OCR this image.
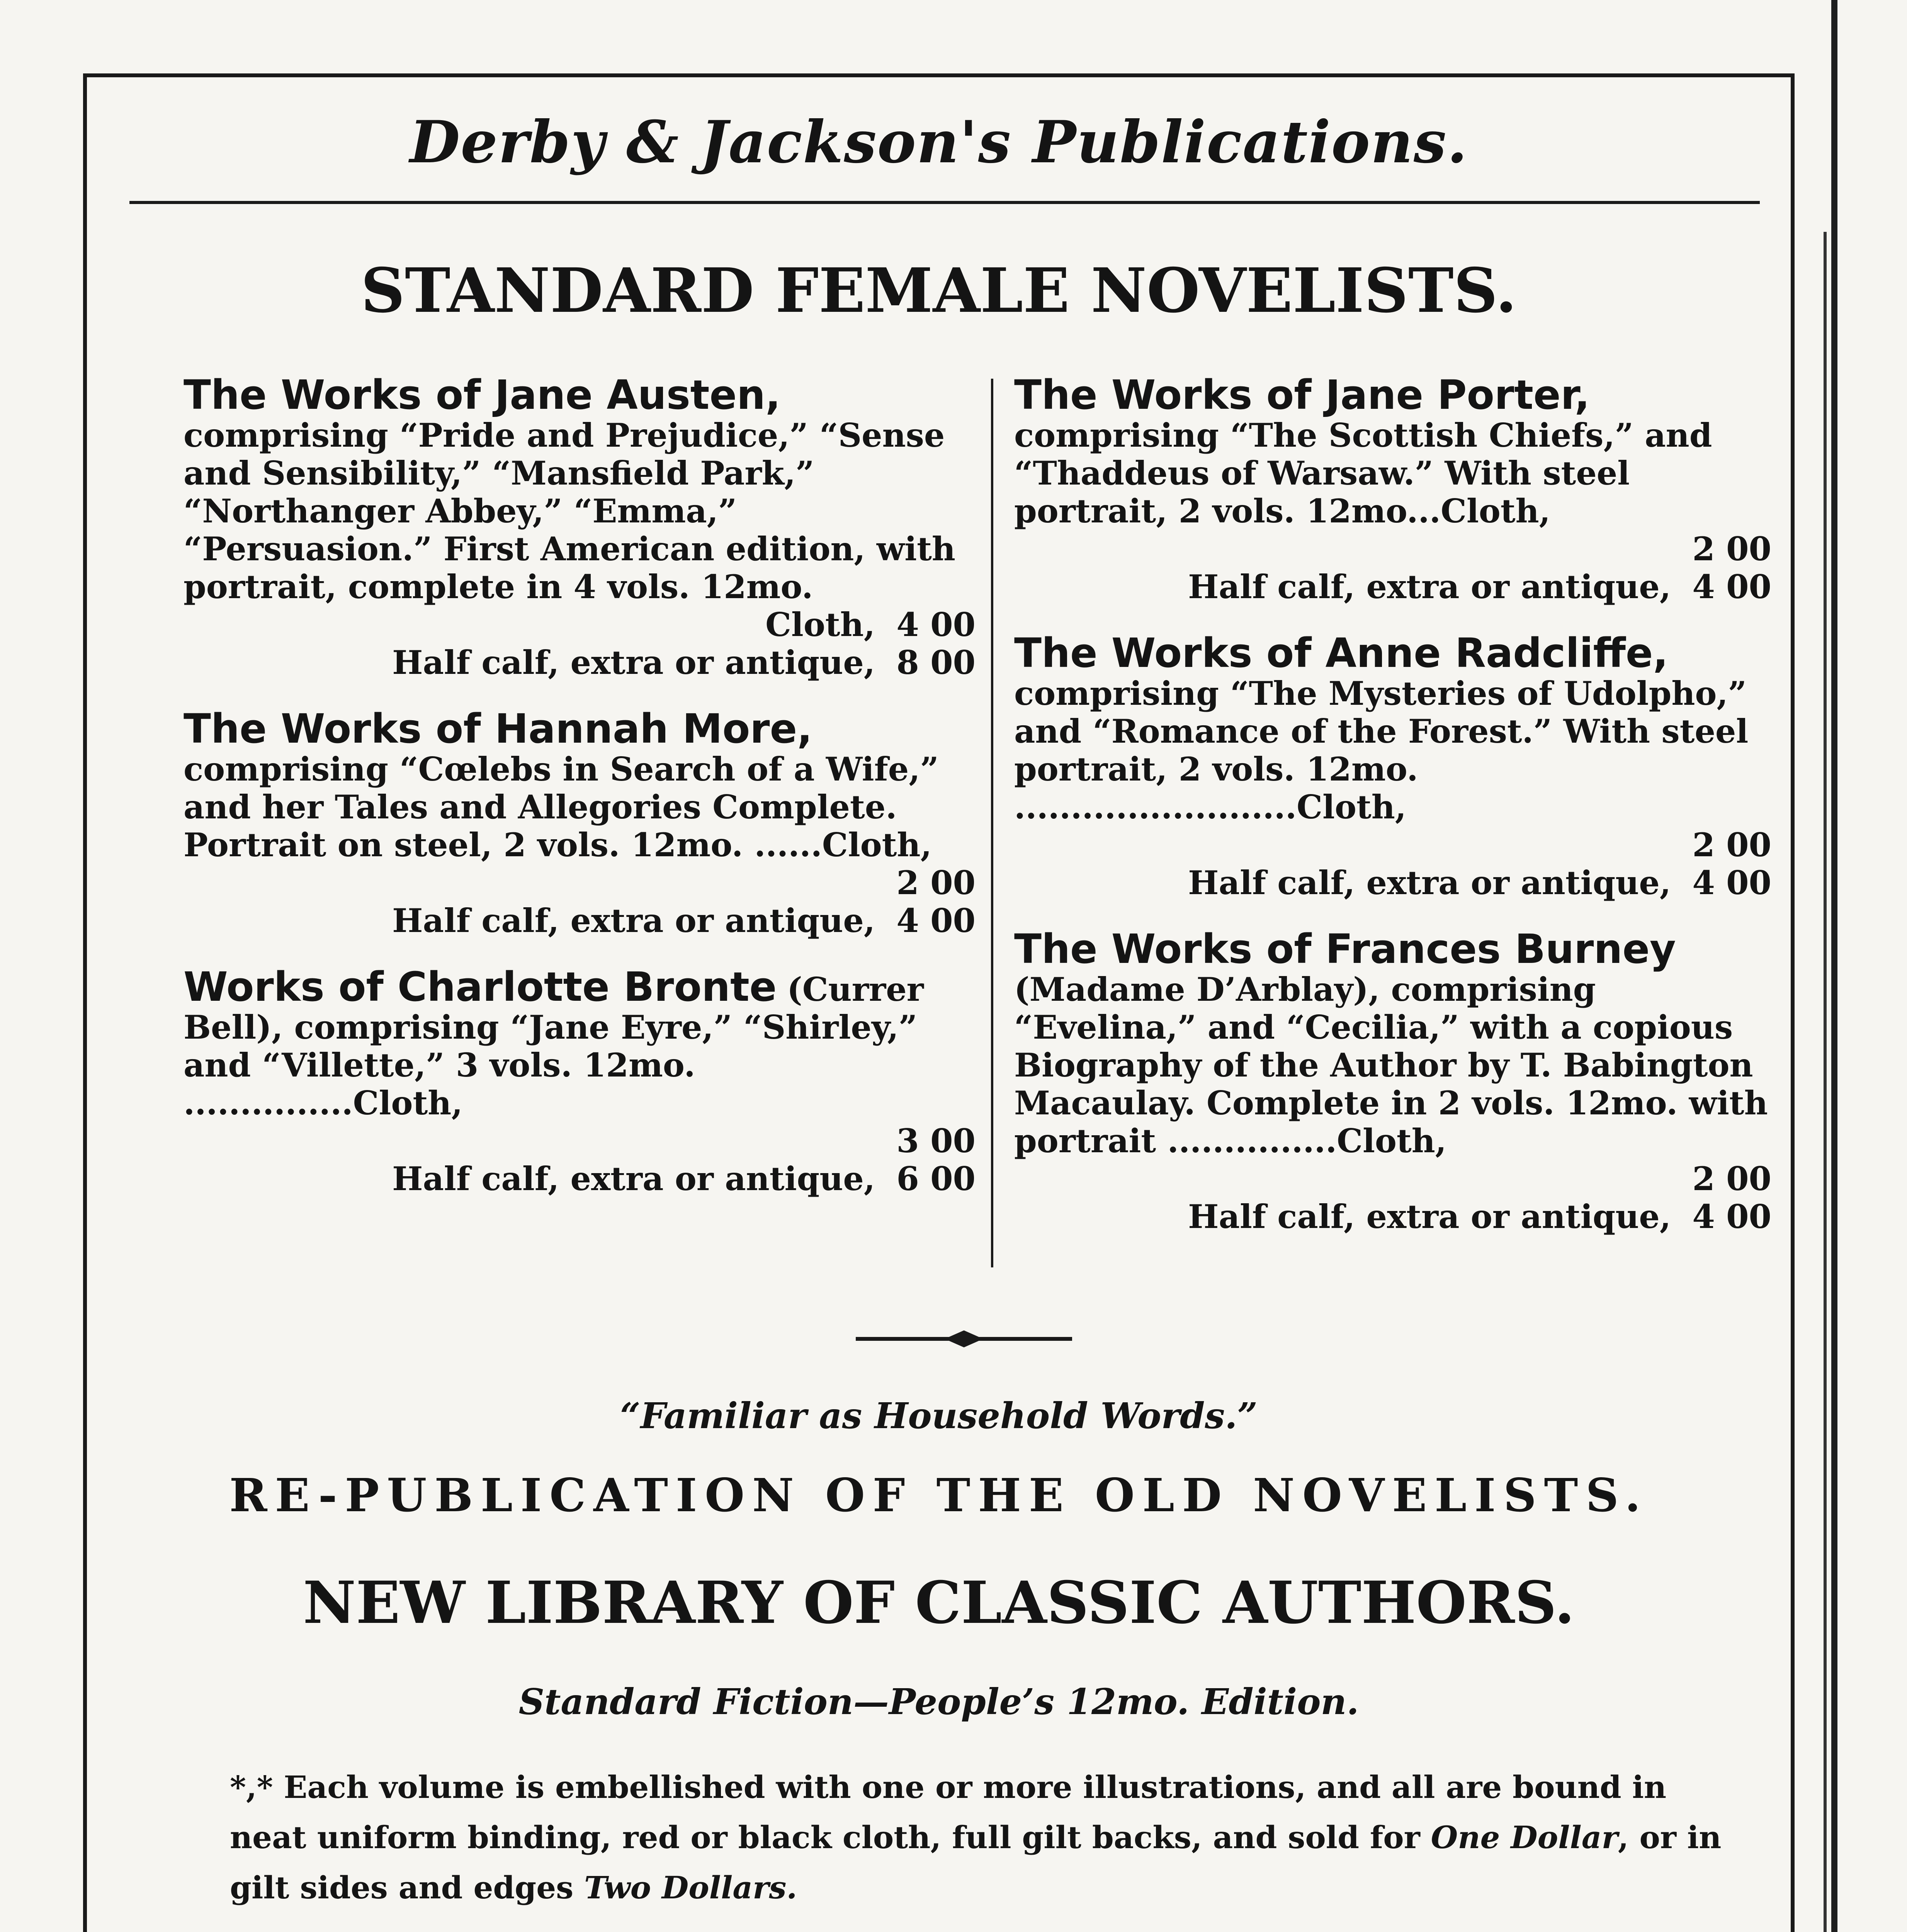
Derby & Jackson's Publications.
STANDARD FEMALE NOVELISTS.

The Works of Jane Austen, comprising “Pride and Prejudice,” “Sense and Sensibility,” “Mansfield Park,” “Northanger Abbey,” “Emma,” “Persuasion.” First American edition, with portrait, complete in 4 vols. 12mo.

Cloth, 4 00
Half calf, extra or antique, 8 00

The Works of Hannah More, comprising “Cœlebs in Search of a Wife,” and her Tales and Allegories Complete. Portrait on steel, 2 vols. 12mo. ......Cloth,

2 00
Half calf, extra or antique, 4 00

Works of Charlotte Bronte (Currer Bell), comprising “Jane Eyre,” “Shirley,” and “Villette,” 3 vols. 12mo. ...............Cloth,

3 00
Half calf, extra or antique, 6 00

The Works of Jane Porter, comprising “The Scottish Chiefs,” and “Thaddeus of Warsaw.” With steel portrait, 2 vols. 12mo...Cloth,

2 00
Half calf, extra or antique, 4 00

The Works of Anne Radcliffe, comprising “The Mysteries of Udolpho,” and “Romance of the Forest.” With steel portrait, 2 vols. 12mo. .........................Cloth,

2 00
Half calf, extra or antique, 4 00

The Works of Frances Burney (Madame D’Arblay), comprising “Evelina,” and “Cecilia,” with a copious Biography of the Author by T. Babington Macaulay. Complete in 2 vols. 12mo. with portrait ...............Cloth,

2 00
Half calf, extra or antique, 4 00
“Familiar as Household Words.”
RE-PUBLICATION OF THE OLD NOVELISTS.
NEW LIBRARY OF CLASSIC AUTHORS.
Standard Fiction—People’s 12mo. Edition.
*,* Each volume is embellished with one or more illustrations, and all are bound in neat uniform binding, red or black cloth, full gilt backs, and sold for One Dollar, or in gilt sides and edges Two Dollars.
